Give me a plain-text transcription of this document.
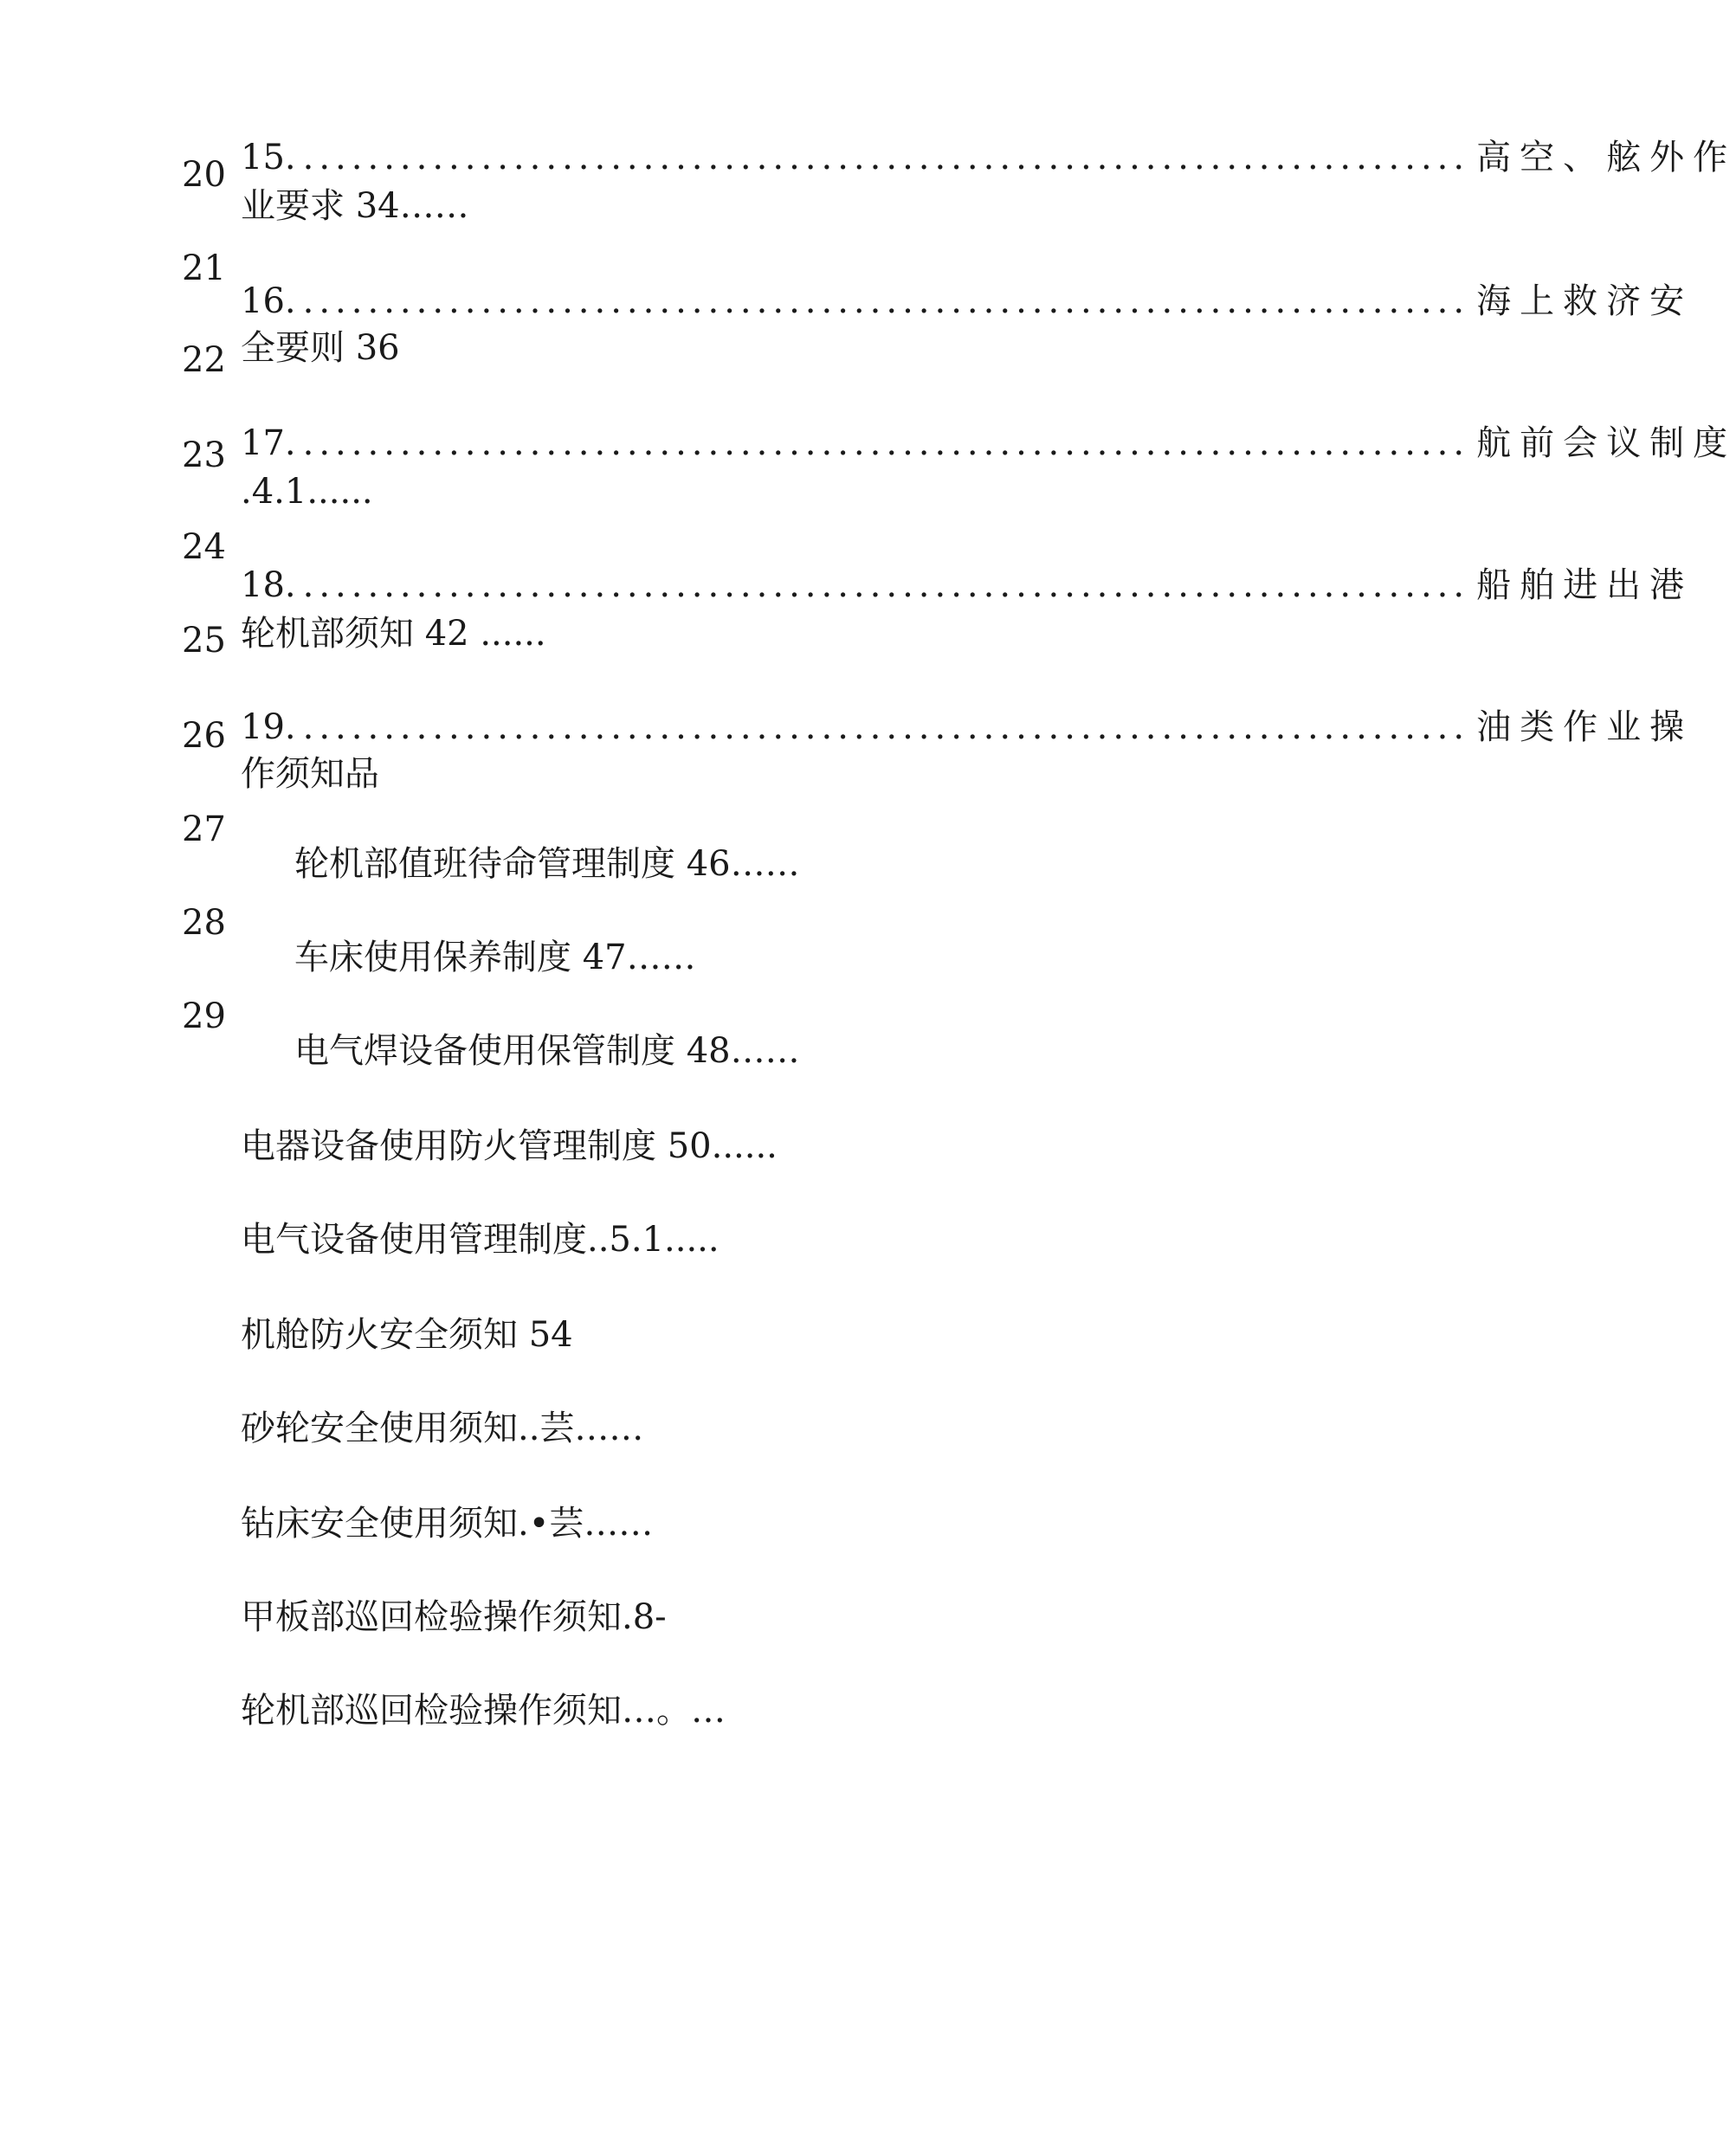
20
21
22
23
24
25
26
27
28
29
15. ........................................................................ 高空、舷外作
业要求 34……
16. ........................................................................ 海上救济安
全要则 36
17. ........................................................................ 航前会议制度
.4.1......
18. ........................................................................ 船舶进出港
轮机部须知 42 ......
19. ........................................................................ 油类作业操
作须知品
轮机部值班待命管理制度 46……
车床使用保养制度 47……
电气焊设备使用保管制度 48……
电器设备使用防火管理制度 50......
电气设备使用管理制度..5.1.....
机舱防火安全须知 54
砂轮安全使用须知..芸……
钻床安全使用须知.•芸……
甲板部巡回检验操作须知.8-
轮机部巡回检验操作须知…。…
